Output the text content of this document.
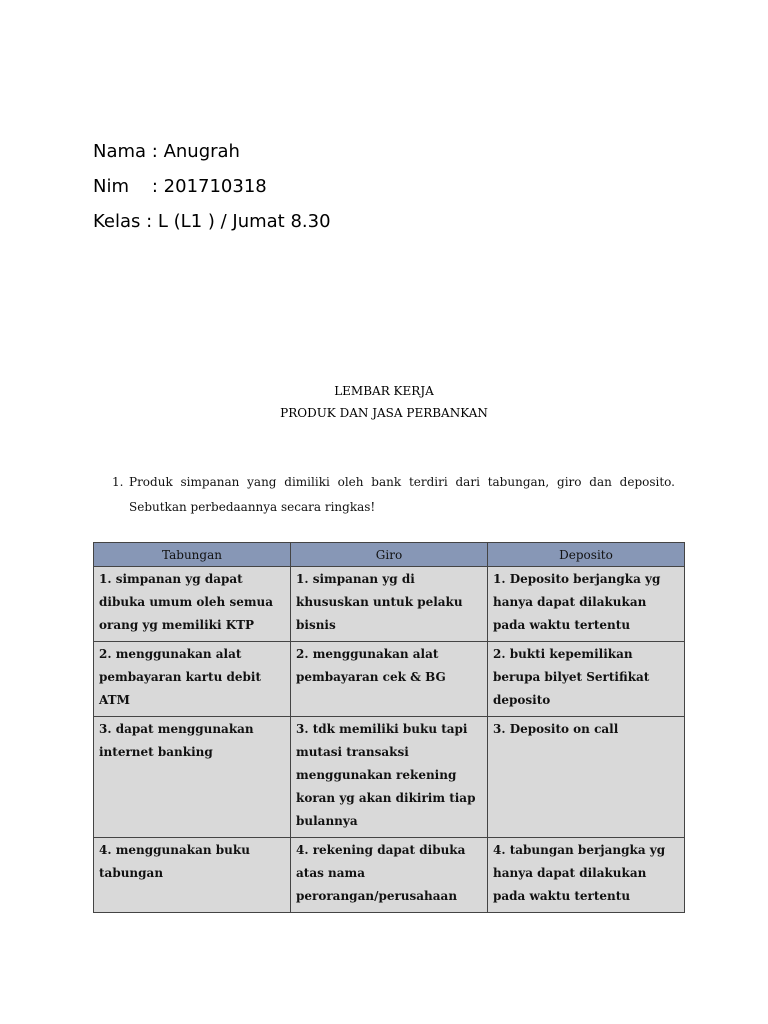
Nama : Anugrah
Nim    : 201710318
Kelas : L (L1 ) / Jumat 8.30
LEMBAR KERJA
PRODUK DAN JASA PERBANKAN
1. Produk simpanan yang dimiliki oleh bank terdiri dari tabungan, giro dan deposito. Sebutkan perbedaannya secara ringkas!
Tabungan	Giro	Deposito
1. simpanan yg dapat dibuka umum oleh semua orang yg memiliki KTP	1. simpanan yg di khususkan untuk pelaku bisnis	1. Deposito berjangka yg hanya dapat dilakukan pada waktu tertentu
2. menggunakan alat pembayaran kartu debit ATM	2. menggunakan alat pembayaran cek & BG	2. bukti kepemilikan berupa bilyet Sertifikat deposito
3. dapat menggunakan internet banking	3. tdk memiliki buku tapi mutasi transaksi menggunakan rekening koran yg akan dikirim tiap bulannya	3. Deposito on call
4. menggunakan buku tabungan	4. rekening dapat dibuka atas nama perorangan/perusahaan	4. tabungan berjangka yg hanya dapat dilakukan pada waktu tertentu
